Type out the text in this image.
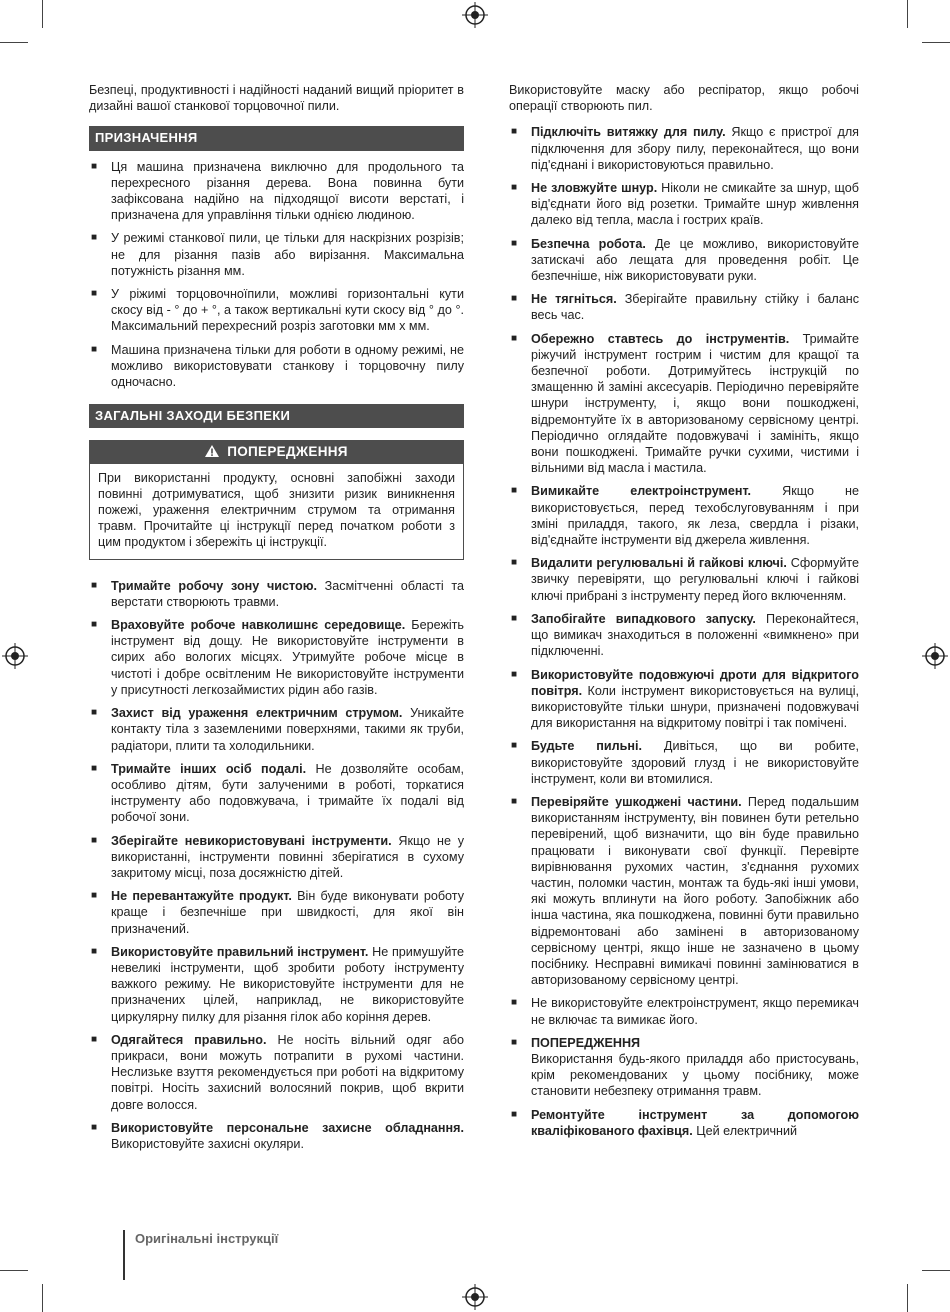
Безпеці, продуктивності і надійності наданий вищий пріоритет в дизайні вашої станкової торцовочної пили.

ПРИЗНАЧЕННЯ
■ Ця машина призначена виключно для продольного та перехресного різання дерева. Вона повинна бути зафіксована надійно на підходящої висоти верстаті, і призначена для управління тільки однією людиною.
■ У режимі станкової пили, це тільки для наскрізних розрізів; не для різання пазів або вирізання. Максимальна потужність різання мм.
■ У ріжимі торцовочноїпили, можливі горизонтальні кути скосу від - ° до + °, а також вертикальні кути скосу від ° до °. Максимальний перехресний розріз заготовки мм х мм.
■ Машина призначена тільки для роботи в одному режимі, не можливо використовувати станкову і торцовочну пилу одночасно.
ЗАГАЛЬНІ ЗАХОДИ БЕЗПЕКИ
ПОПЕРЕДЖЕННЯ
При використанні продукту, основні запобіжні заходи повинні дотримуватися, щоб знизити ризик виникнення пожежі, ураження електричним струмом та отримання травм. Прочитайте ці інструкції перед початком роботи з цим продуктом і збережіть ці інструкції.
■ Тримайте робочу зону чистою. Засмітченні області та верстати створюють травми.
■ Враховуйте робоче навколишнє середовище. Бережіть інструмент від дощу. Не використовуйте інструменти в сирих або вологих місцях. Утримуйте робоче місце в чистоті і добре освітленим Не використовуйте інструменти у присутності легкозаймистих рідин або газів.
■ Захист від ураження електричним струмом. Уникайте контакту тіла з заземленими поверхнями, такими як труби, радіатори, плити та холодильники.
■ Тримайте інших осіб подалі. Не дозволяйте особам, особливо дітям, бути залученими в роботі, торкатися інструменту або подовжувача, і тримайте їх подалі від робочої зони.
■ Зберігайте невикористовувані інструменти. Якщо не у використанні, інструменти повинні зберігатися в сухому закритому місці, поза досяжністю дітей.
■ Не перевантажуйте продукт. Він буде виконувати роботу краще і безпечніше при швидкості, для якої він призначений.
■ Використовуйте правильний інструмент. Не примушуйте невеликі інструменти, щоб зробити роботу інструменту важкого режиму. Не використовуйте інструменти для не призначених цілей, наприклад, не використовуйте циркулярну пилку для різання гілок або коріння дерев.
■ Одягайтеся правильно. Не носіть вільний одяг або прикраси, вони можуть потрапити в рухомі частини. Неслизьке взуття рекомендується при роботі на відкритому повітрі. Носіть захисний волосяний покрив, щоб вкрити довге волосся.
■ Використовуйте персональне захисне обладнання. Використовуйте захисні окуляри.

Використовуйте маску або респіратор, якщо робочі операції створюють пил.

■ Підключіть витяжку для пилу. Якщо є пристрої для підключення для збору пилу, переконайтеся, що вони під'єднані і використовуються правильно.
■ Не зловжуйте шнур. Ніколи не смикайте за шнур, щоб від'єднати його від розетки. Тримайте шнур живлення далеко від тепла, масла і гострих країв.
■ Безпечна робота. Де це можливо, використовуйте затискачі або лещата для проведення робіт. Це безпечніше, ніж використовувати руки.
■ Не тягніться. Зберігайте правильну стійку і баланс весь час.
■ Обережно ставтесь до інструментів. Тримайте ріжучий інструмент гострим і чистим для кращої та безпечної роботи. Дотримуйтесь інструкцій по змащенню й заміні аксесуарів. Періодично перевіряйте шнури інструменту, і, якщо вони пошкоджені, відремонтуйте їх в авторизованому сервісному центрі. Періодично оглядайте подовжувачі і замініть, якщо вони пошкоджені. Тримайте ручки сухими, чистими і вільними від масла і мастила.
■ Вимикайте електроінструмент. Якщо не використовується, перед техобслуговуванням і при зміні приладдя, такого, як леза, свердла і різаки, від'єднайте інструменти від джерела живлення.
■ Видалити регулювальні й гайкові ключі. Сформуйте звичку перевіряти, що регулювальні ключі і гайкові ключі прибрані з інструменту перед його включенням.
■ Запобігайте випадкового запуску. Переконайтеся, що вимикач знаходиться в положенні «вимкнено» при підключенні.
■ Використовуйте подовжуючі дроти для відкритого повітря. Коли інструмент використовується на вулиці, використовуйте тільки шнури, призначені подовжувачі для використання на відкритому повітрі і так помічені.
■ Будьте пильні. Дивіться, що ви робите, використовуйте здоровий глузд і не використовуйте інструмент, коли ви втомилися.
■ Перевіряйте ушкоджені частини. Перед подальшим використанням інструменту, він повинен бути ретельно перевірений, щоб визначити, що він буде правильно працювати і виконувати свої функції. Перевірте вирівнювання рухомих частин, з'єднання рухомих частин, поломки частин, монтаж та будь-які інші умови, які можуть вплинути на його роботу. Запобіжник або інша частина, яка пошкоджена, повинні бути правильно відремонтовані або замінені в авторизованому сервісному центрі, якщо інше не зазначено в цьому посібнику. Несправні вимикачі повинні замінюватися в авторизованому сервісному центрі.
■ Не використовуйте електроінструмент, якщо перемикач не включає та вимикає його.
■ ПОПЕРЕДЖЕННЯ
Використання будь-якого приладдя або пристосувань, крім рекомендованих у цьому посібнику, може становити небезпеку отримання травм.
■ Ремонтуйте інструмент за допомогою кваліфікованого фахівця. Цей електричний
Оригінальні інструкції
